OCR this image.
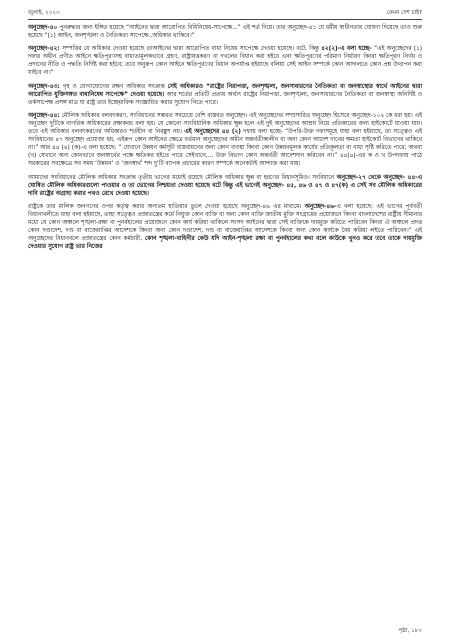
জুলাই, ২০২৩	কেমন দেশ চাই?

অনুচ্ছেদ-৪০ পুনরুদ্ধার জন্য ইঙ্গিত হয়েছে “আইনের দ্বারা আরোপিত বিধিনিষেধ-সাপেক্ষে...” এই শর্ত দিয়ে। তার অনুচ্ছেদ-৪১ যে ধর্মীয় স্বাধীনতার ঘোষণা দিয়েছে তাও শুরু হয়েছে “(১) আইন, জনশৃঙ্খলা ও নৈতিকতা সাপেক্ষে..অধিকার থাকিবে।”

অনুচ্ছেদ-৪২: সম্পত্তির যে অধিকার দেওয়া হয়েছে তাআইনের দ্বারা আরোপিত বাধা নিষেধ সাপেক্ষে দেওয়া হয়েছে। বটে, কিন্তু ৪২(২)-এ বলা হচ্ছে- “এই অনুচ্ছেদের (১) দফার অধীন প্রণীত আইনে ক্ষতিপূরণসহ বাধ্যতামূলকভাবে গ্রহণ, রাষ্ট্রায়ত্তকরণ বা দখলের বিধান করা হইবে এবং ক্ষতিপূরণের পরিমাণ নির্ধারণ কিংবা ক্ষতিপূরণ নির্ণয় ও প্রদানের নীতি ও পদ্ধতি নির্দিষ্ট করা হইবে; তবে অনুরূপ কোন আইনে ক্ষতিপূরণের বিধান অপর্যাপ্ত হইয়াছে বলিয়া সেই আইন সম্পর্কে কোন আদালতে কোন প্রশ্ন উত্থাপন করা যাইবে না।”

অনুচ্ছেদ-৪৩: গৃহ ও যোগাযোগের রক্ষণ অধিকার সংক্রান্ত সেই অধিকারও “রাষ্ট্রের নিরাপত্তা, জনশৃঙ্খলা, জনসাধারণের নৈতিকতা বা জনস্বাস্থ্যের স্বার্থে আইনের দ্বারা আরোপিত যুক্তিসঙ্গত বাধানিষেধ সাপেক্ষে” দেওয়া হয়েছে। আর শর্তের প্রতিটি প্রত্যয় অর্থাৎ রাষ্ট্রের নিরাপত্তা, জনশৃঙ্খলা, জনসাধারণের নৈতিকতা বা জনস্বাস্থ্য অনির্দিষ্ট ও তর্কসাপেক্ষ প্রসঙ্গ মাত্র যা রাষ্ট্র তার ইচ্ছেমাফিক সংজ্ঞায়িত করার সুযোগ নিতে পারে।

অনুচ্ছেদ-৪৪: মৌলিক অধিকার বলবৎকরণ, সংবিধানের সম্ভবত সবচেয়ে বেশি বাস্তবত অনুচ্ছেদ। এই অনুচ্ছেদের সম্প্রসারিত অনুচ্ছেদ হিসেবে অনুচ্ছেদ-১০২ কে ধরা হয়। এই অনুচ্ছেদ দুটিকে নাগরিক অধিকারের রক্ষাকবচ বলা হয়। যে কোনো সাংবিধানিক অধিকার ক্ষুন্ন হলে এই দুই অনুচ্ছেদের আশ্রয় নিয়ে প্রতিকারের জন্য হাইকোর্টে যাওয়া যায়। তবে এই অধিকার বলবৎকরণের অধিকারও শর্তহীন বা নিরঙ্কুশ নয়। এই অনুচ্ছেদের ৪৪ (২) দফায় বলা হচ্ছে- “উপরি-উক্ত দফাসমূহে যাহা বলা হইয়াছে, তা সত্ত্বেও এই সংবিধানের ৪৭ অনুচ্ছেদ প্রযোজ্য হয়, এইরূপ কোন আইনের ক্ষেত্রে বর্তমান অনুচ্ছেদের অধীন অন্তর্বর্তীকালীন বা অন্য কোন আদেশ দানের ক্ষমতা হাইকোর্ট বিভাগের থাকিবে না।” আর ৪৪ (৪) (ক)-এ বলা হয়েছে: “ যেখানে উন্নয়ন কর্মসূচী বাস্তবায়নের জন্য কোন ব্যবস্থা কিংবা কোন উন্নয়নমূলক কার্যের প্রতিকূলতা বা বাধা সৃষ্টি করিতে পারে; অথবা (খ) যেখানে অন্য কোনভাবে জনস্বার্থের পক্ষে ক্ষতিকর হইতে পারে সেইখানে,... উক্ত বিভাগ কোন অন্তর্বর্তী আদেশদান করিবেন না।” ৪৪(৪)-এর ক ও খ উপদফায় পাঠে সরকারের সবক্ষেত্রে সব সময় ‘উন্নয়ন’ ও ‘জনস্বার্থ’ শব্দ দু’টি ব্যাপক প্রচারের কারণ সম্পর্কে অনেকটাই আন্দাজ করা যায়।

আমাদের সংবিধানের মৌলিক অধিকার সংক্রান্ত তৃতীয় ভাগের মধ্যেই রয়েছে মৌলিক অধিকার ক্ষুন্ন বা হরণের বিধানসূমিও। সংবিধানে অনুচ্ছেদ-২৭ থেকে অনুচ্ছেদ- ৪৪-এ ঘোষিত মৌলিক অধিকারগুলো পাওয়ার ও তা ভোগের নিশ্চয়তা দেওয়া হয়েছে বটে কিন্তু এই ভাগেই অনুচ্ছেদ- ৪৫, ৪৬ ও ৪৭ ও ৪৭(ক) এ সেই সব মৌলিক অধিকারের দাবি রাষ্ট্রের অগ্রাহ্য করার পথও রেখে দেওয়া হয়েছে।

রাষ্ট্রকে তার মালিক জনগণের ওপর কর্তৃত্ব করার অন্যতম হাতিয়ার তুলে দেওয়া হয়েছে অনুচ্ছেদ-৪৬ এর মাধ্যমে। অনুচ্ছেদ-৪৬-এ বলা হয়েছে: এই ভাগের পূর্ববর্তী বিধানাবলীতে যাহা বলা হইয়াছে, তাহা সত্ত্বেও প্রজাতন্ত্রের কর্মে নিযুক্ত কোন ব্যক্তি বা অন্য কোন ব্যক্তি জাতীয় মুক্তি সংগ্রামের প্রয়োজনে কিংবা বাংলাদেশের রাষ্ট্রীয় সীমানার মধ্যে যে কোন অঞ্চলে শৃঙ্খলা-রক্ষা বা পুনর্বহালের প্রয়োজনে কোন কার্য করিয়া থাকিলে সংসদ আইনের দ্বারা সেই ব্যক্তিকে দায়মুক্ত করিতে পারিবেন কিংবা ঐ অঞ্চলে প্রদত্ত কোন দণ্ডাদেশ, দণ্ড বা বাজেয়াপ্তির আদেশকে কিংবা অন্য কোন দণ্ডাদেশ, দণ্ড বা বাজেয়াপ্তির আদেশকে কিংবা অন্য কোন কার্যকে বৈধ করিয়া লইতে পারিবেন।” এই অনুচ্ছেদের বিধানবলে প্রজাতন্ত্রের কোন কর্মচারী, কোন শৃঙ্খলা-বাহিনীর কেউ যদি আইন-শৃঙ্খলা রক্ষা বা পুনর্বহালের কথা বলে কাউকে খুনও করে তবে তাকে দায়মুক্তি দেওয়ার সুযোগ রাষ্ট্র তার নিজের

পৃষ্ঠা, ১৮০
